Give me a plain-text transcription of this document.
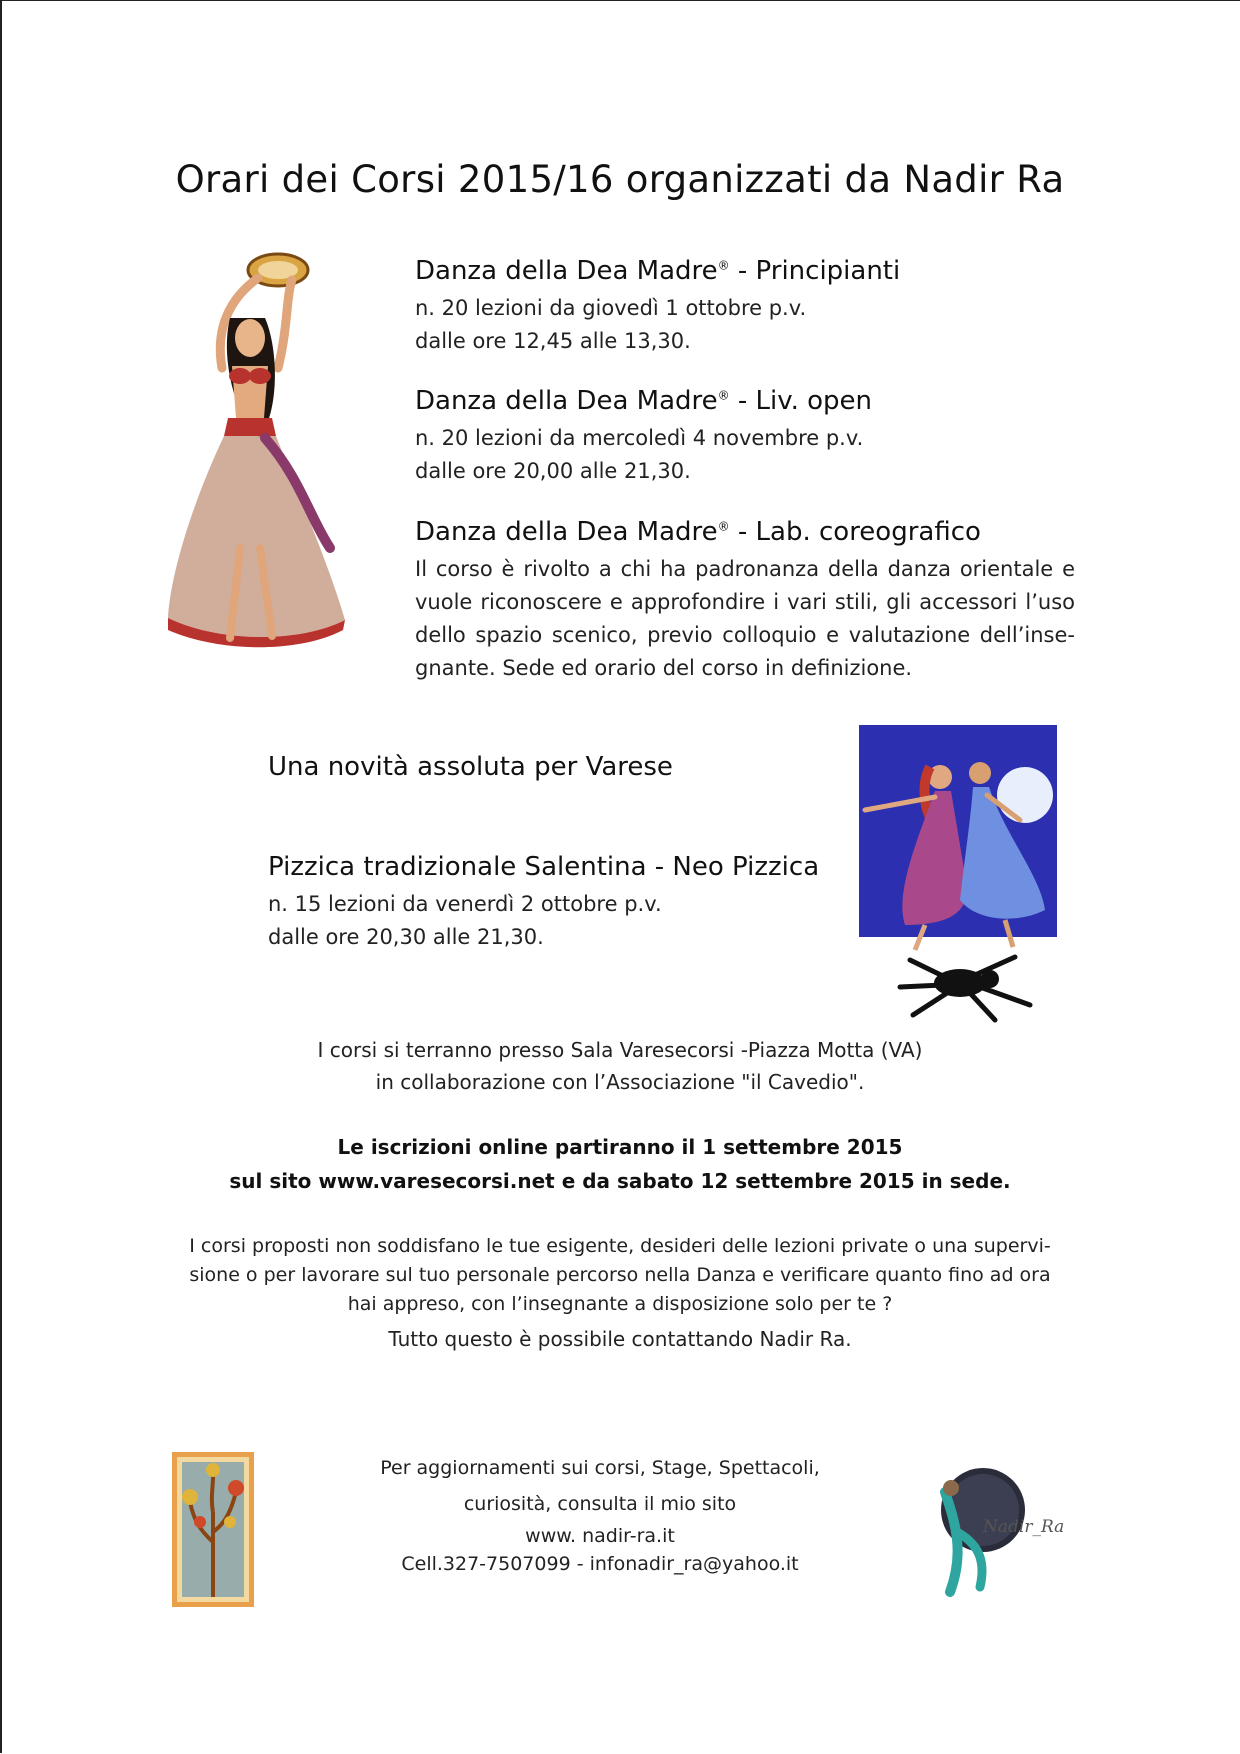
Orari dei Corsi 2015/16 organizzati da Nadir Ra
Danza della Dea Madre® - Principianti

n. 20 lezioni da giovedì 1 ottobre p.v.

dalle ore 12,45 alle 13,30.

Danza della Dea Madre® - Liv. open

n. 20 lezioni da mercoledì 4 novembre p.v.

dalle ore 20,00 alle 21,30.

Danza della Dea Madre® - Lab. coreografico

Il corso è rivolto a chi ha padronanza della danza orientale e vuole riconoscere e approfondire i vari stili, gli accessori l’uso dello spazio scenico, previo colloquio e valutazione dell’inse-gnante. Sede ed orario del corso in definizione.

Una novità assoluta per Varese
Pizzica tradizionale Salentina - Neo Pizzica

n. 15 lezioni da venerdì 2 ottobre p.v.

dalle ore 20,30 alle 21,30.

I corsi si terranno presso Sala Varesecorsi -Piazza Motta (VA)

in collaborazione con l’Associazione "il Cavedio".

Le iscrizioni online partiranno il 1 settembre 2015

sul sito www.varesecorsi.net e da sabato 12 settembre 2015 in sede.

I corsi proposti non soddisfano le tue esigente, desideri delle lezioni private o una supervi-

sione o per lavorare sul tuo personale percorso nella Danza e verificare quanto fino ad ora

hai appreso, con l’insegnante a disposizione solo per te ?

Tutto questo è possibile contattando Nadir Ra.

Per aggiornamenti sui corsi, Stage, Spettacoli,

curiosità, consulta il mio sito

www. nadir-ra.it

Cell.327-7507099 - infonadir_ra@yahoo.it

Nadir_Ra
